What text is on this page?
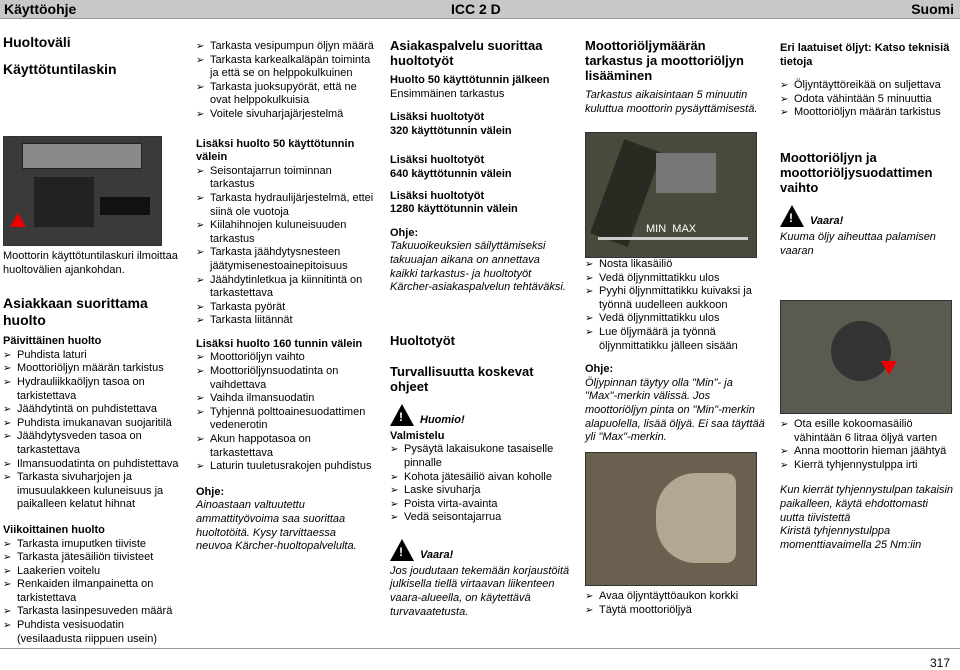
Käyttöohje	ICC 2 D	Suomi
Huoltoväli
Käyttötuntilaskin
Moottorin käyttötuntilaskuri ilmoittaa huoltovälien ajankohdan.
Asiakkaan suorittama huolto
Päivittäinen huolto
➢ Puhdista laturi
➢ Moottoriöljyn määrän tarkistus
➢ Hydrauliikkaöljyn tasoa on tarkistettava
➢ Jäähdytintä on puhdistettava
➢ Puhdista imukanavan suojaritilä
➢ Jäähdytysveden tasoa on tarkastettava
➢ Ilmansuodatinta on puhdistettava
➢ Tarkasta sivuharjojen ja imusuulakkeen kuluneisuus ja paikalleen kelatut hihnat
Viikoittainen huolto
➢ Tarkasta imuputken tiiviste
➢ Tarkasta jätesäiliön tiivisteet
➢ Laakerien voitelu
➢ Renkaiden ilmanpainetta on tarkistettava
➢ Tarkasta lasinpesuveden määrä
➢ Puhdista vesisuodatin (vesilaadusta riippuen usein)
➢ Tarkasta vesipumpun öljyn määrä
➢ Tarkasta karkealkaläpän toiminta ja että se on helppokulkuinen
➢ Tarkasta juoksupyörät, että ne ovat helppokulkuisia
➢ Voitele sivuharjajärjestelmä
Lisäksi huolto 50 käyttötunnin välein
➢ Seisontajarrun toiminnan tarkastus
➢ Tarkasta hydraulijärjestelmä, ettei siinä ole vuotoja
➢ Kiilahihnojen kuluneisuuden tarkastus
➢ Tarkasta jäähdytysnesteen jäätymisenestoainepitoisuus
➢ Jäähdytinletkua ja kiinnitintä on tarkastettava
➢ Tarkasta pyörät
➢ Tarkasta liitännät
Lisäksi huolto 160 tunnin välein
➢ Moottoriöljyn vaihto
➢ Moottoriöljynsuodatinta on vaihdettava
➢ Vaihda ilmansuodatin
➢ Tyhjennä polttoainesuodattimen vedenerotin
➢ Akun happotasoa on tarkastettava
➢ Laturin tuuletusrakojen puhdistus
Ohje:
Ainoastaan valtuutettu ammattityövoima saa suorittaa huoltotöitä. Kysy tarvittaessa neuvoa Kärcher-huoltopalvelulta.
Asiakaspalvelu suorittaa huoltotyöt
Huolto 50 käyttötunnin jälkeen
Ensimmäinen tarkastus
Lisäksi huoltotyöt
320 käyttötunnin välein
Lisäksi huoltotyöt
640 käyttötunnin välein
Lisäksi huoltotyöt
1280 käyttötunnin välein
Ohje:
Takuuoikeuksien säilyttämiseksi takuuajan aikana on annettava kaikki tarkastus- ja huoltotyöt Kärcher-asiakaspalvelun tehtäväksi.
Huoltotyöt
Turvallisuutta koskevat ohjeet
!
Huomio!
Valmistelu
➢ Pysäytä lakaisukone tasaiselle pinnalle
➢ Kohota jätesäiliö aivan koholle
➢ Laske sivuharja
➢ Poista virta-avainta
➢ Vedä seisontajarrua
!
Vaara!
Jos joudutaan tekemään korjaustöitä julkisella tiellä virtaavan liikenteen vaara-alueella, on käytettävä turvavaatetusta.
Moottoriöljymäärän tarkastus ja moottoriöljyn lisääminen
Tarkastus aikaisintaan 5 minuutin kuluttua moottorin pysäyttämisestä.
MIN  MAX
➢ Nosta likasäiliö
➢ Vedä öljynmittatikku ulos
➢ Pyyhi öljynmittatikku kuivaksi ja työnnä uudelleen aukkoon
➢ Vedä öljynmittatikku ulos
➢ Lue öljymäärä ja työnnä öljynmittatikku jälleen sisään
Ohje:
Öljypinnan täytyy olla "Min"- ja "Max"-merkin välissä. Jos moottoriöljyn pinta on "Min"-merkin alapuolella, lisää öljyä. Ei saa täyttää yli "Max"-merkin.
➢ Avaa öljyntäyttöaukon korkki
➢ Täytä moottoriöljyä
Eri laatuiset öljyt: Katso teknisiä tietoja
➢ Öljyntäyttöreikää on suljettava
➢ Odota vähintään 5 minuuttia
➢ Moottoriöljyn määrän tarkistus
Moottoriöljyn ja moottoriöljysuodattimen vaihto
!
Vaara!
Kuuma öljy aiheuttaa palamisen vaaran
➢ Ota esille kokoomasäiliö vähintään 6 litraa öljyä varten
➢ Anna moottorin hieman jäähtyä
➢ Kierrä tyhjennystulppa irti
Kun kierrät tyhjennystulpan takaisin paikalleen, käytä ehdottomasti uutta tiivistettä
Kiristä tyhjennystulppa momenttiavaimella 25 Nm:iin
317
